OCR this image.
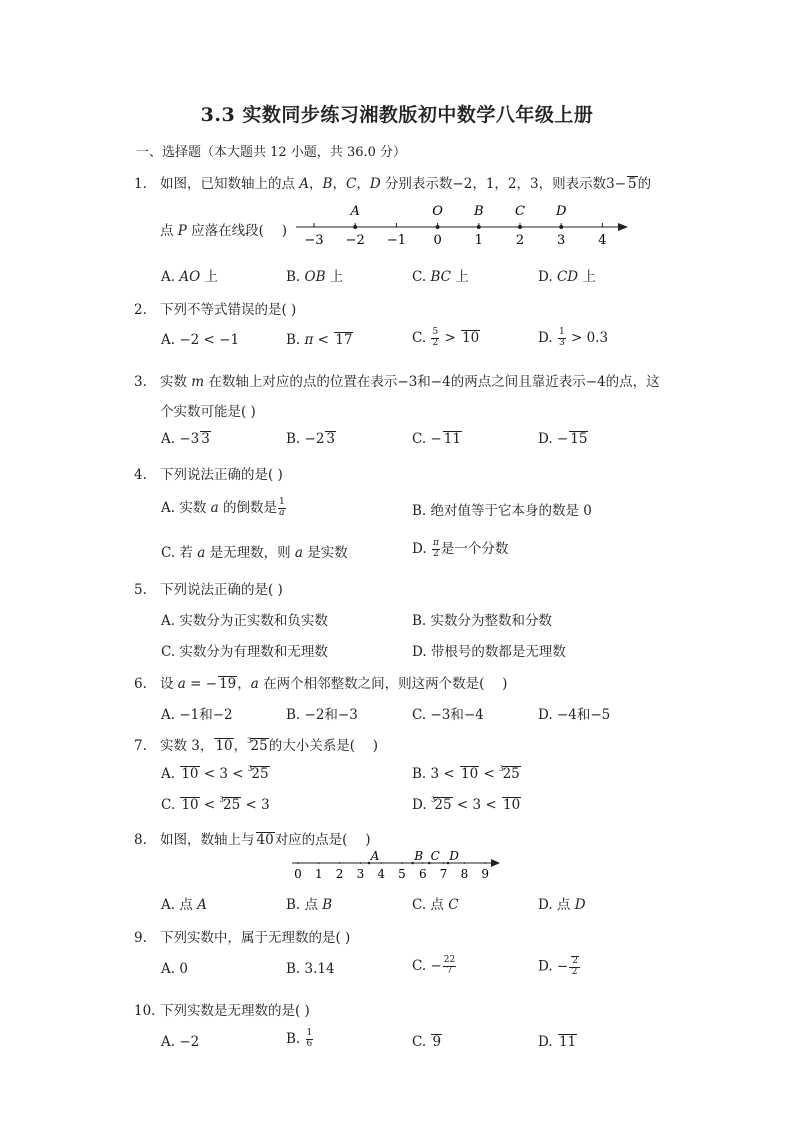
3.3 实数同步练习湘教版初中数学八年级上册
一、选择题（本大题共 12 小题，共 36.0 分）
1. 如图，已知数轴上的点 A，B，C，D 分别表示数−2，1，2，3，则表示数3− 5的
点 P 应落在线段(　 )
−3 −2 −1 0	1	2	3	4
A	O B C D
A. AO 上	B. OB 上	C. BC 上	D. CD 上
2. 下列不等式错误的是( )
A. −2 < −1	B. π < 17	C. $\frac{5}{2} > 10$	D. $\frac{1}{3} > 0.3$
3. 实数 m 在数轴上对应的点的位置在表示−3和−4的两点之间且靠近表示−4的点，这
个实数可能是( )
A. −3 3	B. −2 3	C. − 11	D. − 15
4. 下列说法正确的是( )
A. 实数 a 的倒数是 $\frac{1}{a}$	B. 绝对值等于它本身的数是 0
C. 若 a 是无理数，则 a 是实数	D. $\frac{\pi}{2}$ 是一个分数
5. 下列说法正确的是( )
A. 实数分为正实数和负实数	B. 实数分为整数和分数
C. 实数分为有理数和无理数	D. 带根号的数都是无理数
6. 设 a = − 19，a 在两个相邻整数之间，则这两个数是(　 )
A. −1和−2	B. −2和−3	C. −3和−4	D. −4和−5
7. 实数 3， 10，$^3$25的大小关系是(　 )
A. 10 < 3 < $^3$25	B. 3 < 10 < $^3$25
C. 10 < $^3$25 < 3	D. $^3$25 < 3 < 10
8. 如图，数轴上与 40对应的点是(　 )
0 1 2 3 4 5 6 7 8 9
A	B C D
A. 点 A	B. 点 B	C. 点 C	D. 点 D
9. 下列实数中，属于无理数的是( )
A. 0	B. 3.14	C. − $\frac{22}{7}$	D. − $\frac{2}{2}$
10. 下列实数是无理数的是( )
A. −2	B. $\frac{1}{6}$	C. 9	D. 11
